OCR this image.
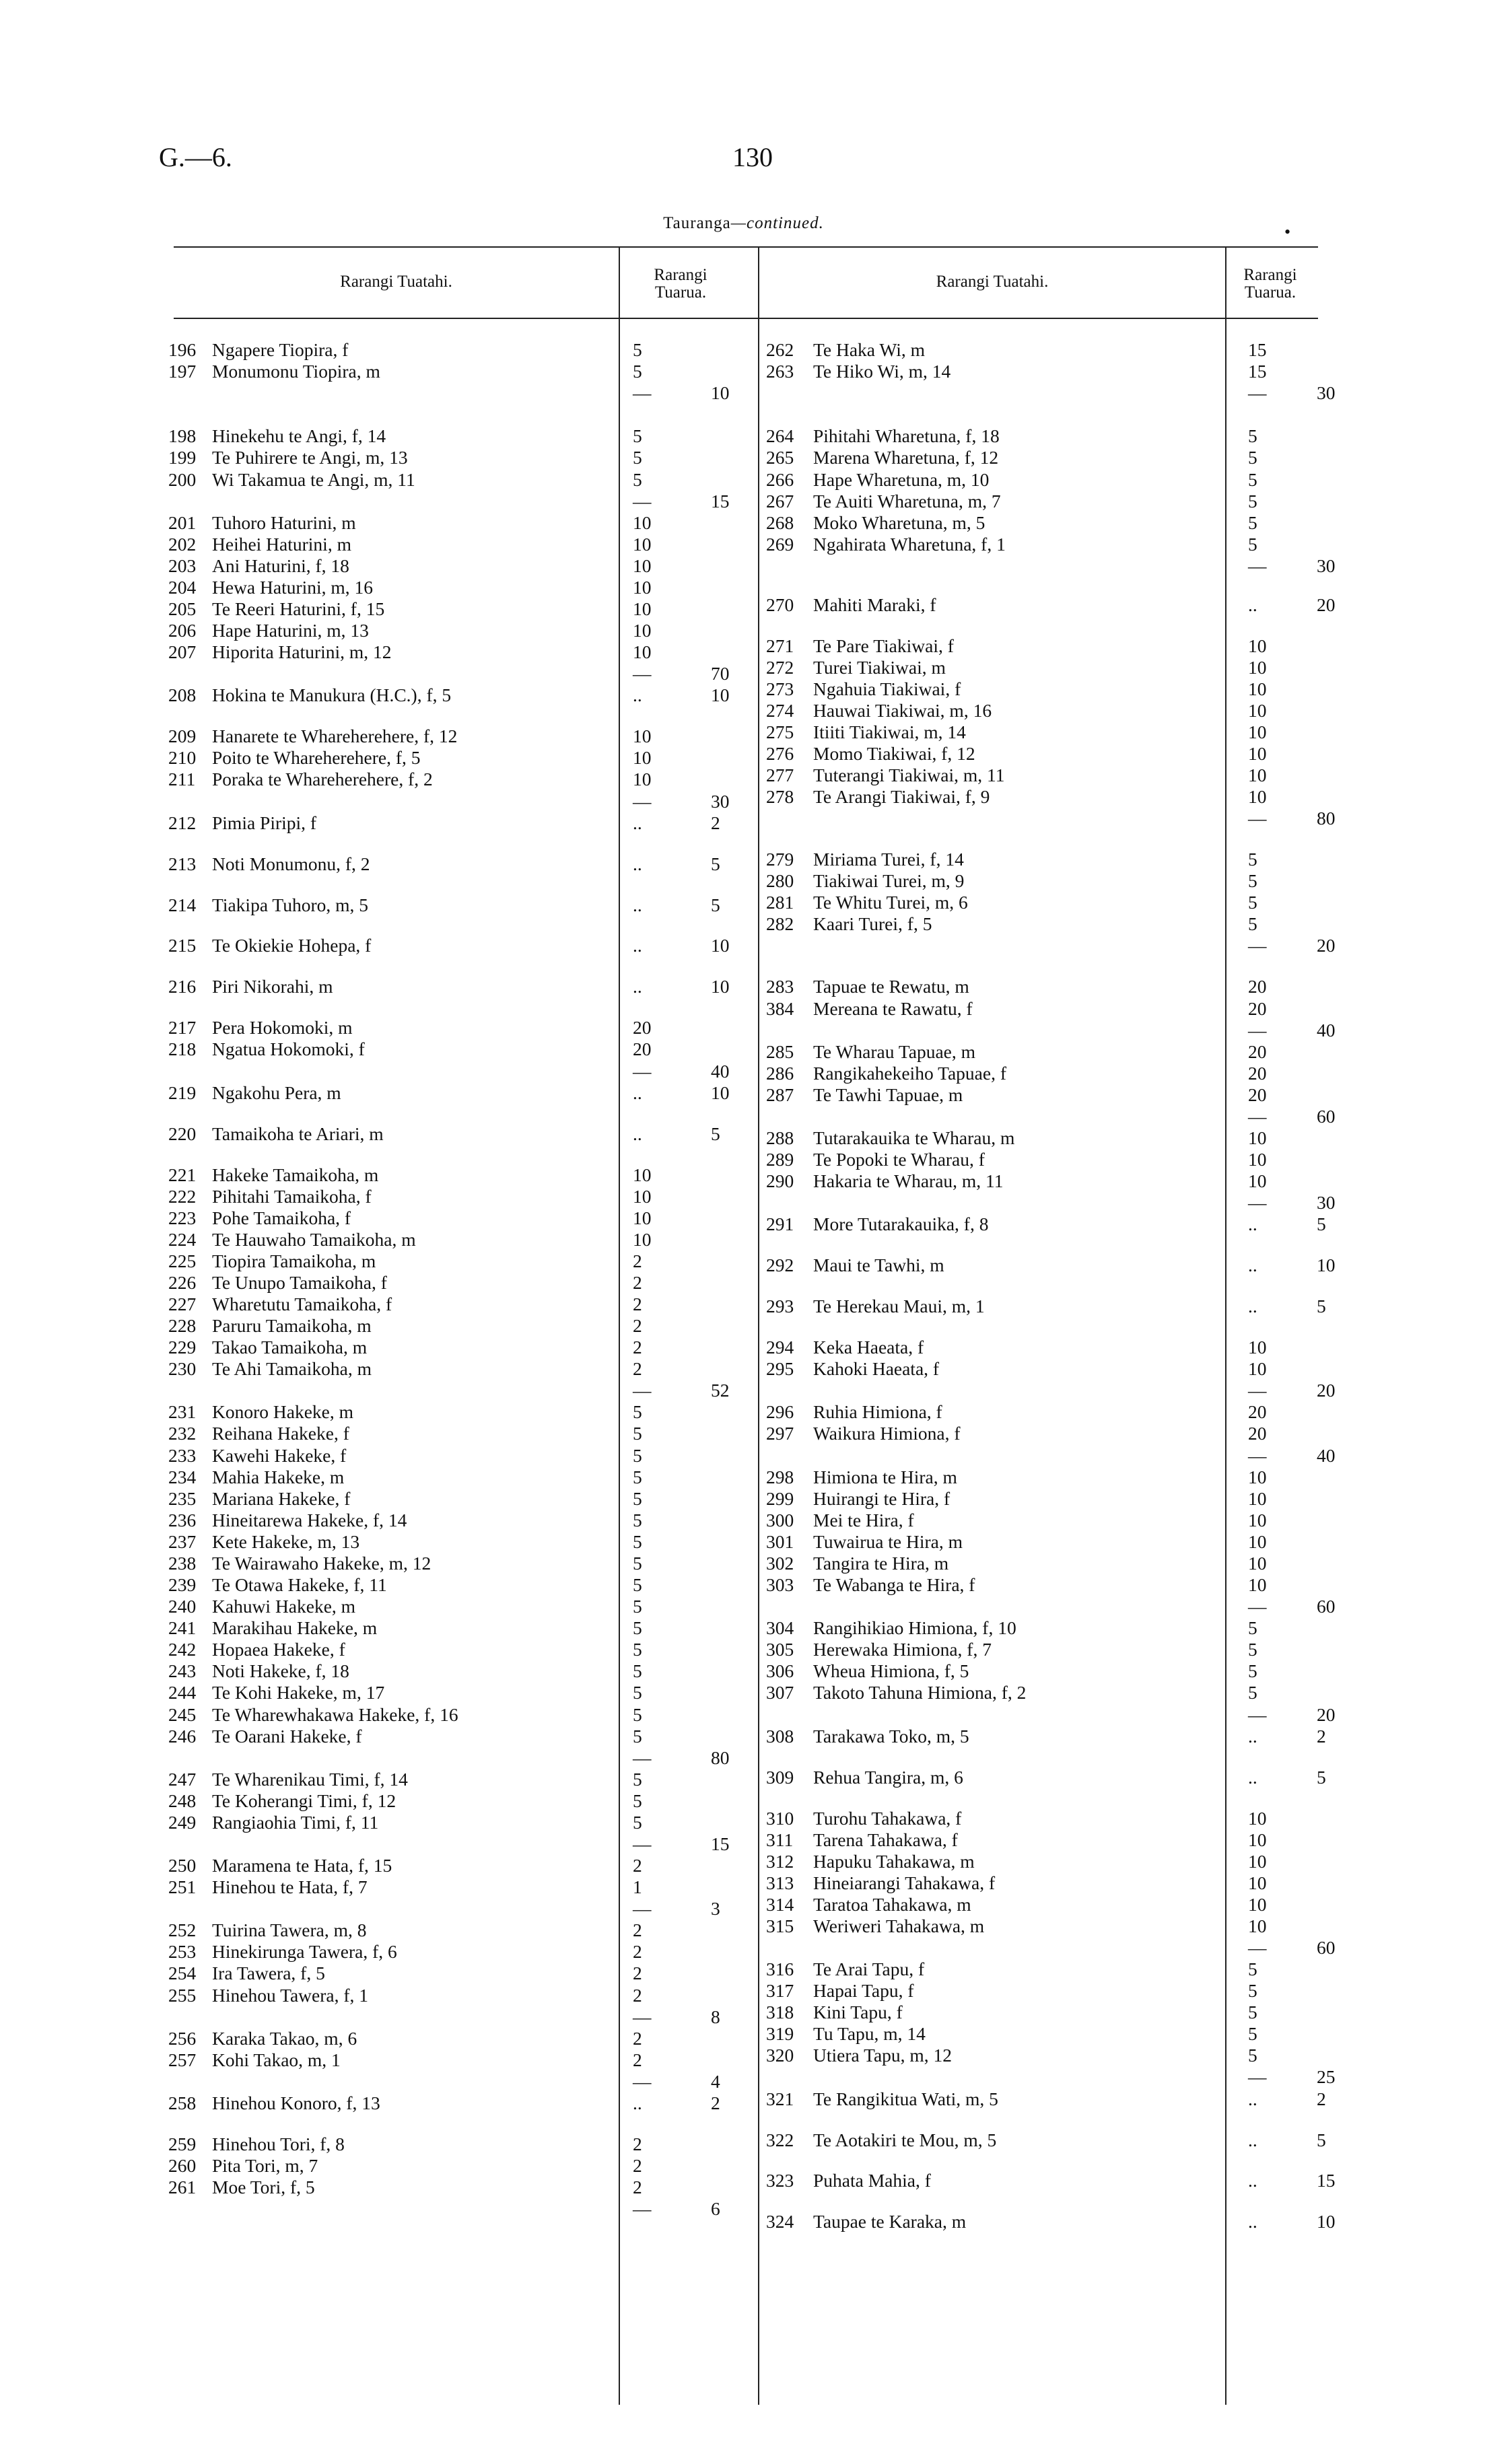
G.—6.	130
Tauranga—continued.	•
Rarangi Tuatahi.	Rarangi
Tuarua.
Rarangi Tuatahi.	Rarangi
Tuarua.
196 Ngapere Tiopira, f	5
197 Monumonu Tiopira, m	5
—	10
198 Hinekehu te Angi, f, 14	5
199 Te Puhirere te Angi, m, 13	5
200 Wi Takamua te Angi, m, 11	5
—	15
201 Tuhoro Haturini, m	10
202 Heihei Haturini, m	10
203 Ani Haturini, f, 18	10
204 Hewa Haturini, m, 16	10
205 Te Reeri Haturini, f, 15	10
206 Hape Haturini, m, 13	10
207 Hiporita Haturini, m, 12	10
—	70
208 Hokina te Manukura (H.C.), f, 5	..	10
209 Hanarete te Whareherehere, f, 12	10
210 Poito te Whareherehere, f, 5	10
211 Poraka te Whareherehere, f, 2	10
—	30
212 Pimia Piripi, f	..	2
213 Noti Monumonu, f, 2	..	5
214 Tiakipa Tuhoro, m, 5	..	5
215 Te Okiekie Hohepa, f	..	10
216 Piri Nikorahi, m	..	10
217 Pera Hokomoki, m	20
218 Ngatua Hokomoki, f	20
—	40
219 Ngakohu Pera, m	..	10
220 Tamaikoha te Ariari, m	..	5
221 Hakeke Tamaikoha, m	10
222 Pihitahi Tamaikoha, f	10
223 Pohe Tamaikoha, f	10
224 Te Hauwaho Tamaikoha, m	10
225 Tiopira Tamaikoha, m	2
226 Te Unupo Tamaikoha, f	2
227 Wharetutu Tamaikoha, f	2
228 Paruru Tamaikoha, m	2
229 Takao Tamaikoha, m	2
230 Te Ahi Tamaikoha, m	2
—	52
231 Konoro Hakeke, m	5
232 Reihana Hakeke, f	5
233 Kawehi Hakeke, f	5
234 Mahia Hakeke, m	5
235 Mariana Hakeke, f	5
236 Hineitarewa Hakeke, f, 14	5
237 Kete Hakeke, m, 13	5
238 Te Wairawaho Hakeke, m, 12	5
239 Te Otawa Hakeke, f, 11	5
240 Kahuwi Hakeke, m	5
241 Marakihau Hakeke, m	5
242 Hopaea Hakeke, f	5
243 Noti Hakeke, f, 18	5
244 Te Kohi Hakeke, m, 17	5
245 Te Wharewhakawa Hakeke, f, 16	5
246 Te Oarani Hakeke, f	5
—	80
247 Te Wharenikau Timi, f, 14	5
248 Te Koherangi Timi, f, 12	5
249 Rangiaohia Timi, f, 11	5
—	15
250 Maramena te Hata, f, 15	2
251 Hinehou te Hata, f, 7	1
—	3
252 Tuirina Tawera, m, 8	2
253 Hinekirunga Tawera, f, 6	2
254 Ira Tawera, f, 5	2
255 Hinehou Tawera, f, 1	2
—	8
256 Karaka Takao, m, 6	2
257 Kohi Takao, m, 1	2
—	4
258 Hinehou Konoro, f, 13	..	2
259 Hinehou Tori, f, 8	2
260 Pita Tori, m, 7	2
261 Moe Tori, f, 5	2
—	6
262 Te Haka Wi, m	15
263 Te Hiko Wi, m, 14	15
—	30
264 Pihitahi Wharetuna, f, 18	5
265 Marena Wharetuna, f, 12	5
266 Hape Wharetuna, m, 10	5
267 Te Auiti Wharetuna, m, 7	5
268 Moko Wharetuna, m, 5	5
269 Ngahirata Wharetuna, f, 1	5
—	30
270 Mahiti Maraki, f	..	20
271 Te Pare Tiakiwai, f	10
272 Turei Tiakiwai, m	10
273 Ngahuia Tiakiwai, f	10
274 Hauwai Tiakiwai, m, 16	10
275 Itiiti Tiakiwai, m, 14	10
276 Momo Tiakiwai, f, 12	10
277 Tuterangi Tiakiwai, m, 11	10
278 Te Arangi Tiakiwai, f, 9	10
—	80
279 Miriama Turei, f, 14	5
280 Tiakiwai Turei, m, 9	5
281 Te Whitu Turei, m, 6	5
282 Kaari Turei, f, 5	5
—	20
283 Tapuae te Rewatu, m	20
384 Mereana te Rawatu, f	20
—	40
285 Te Wharau Tapuae, m	20
286 Rangikahekeiho Tapuae, f	20
287 Te Tawhi Tapuae, m	20
—	60
288 Tutarakauika te Wharau, m	10
289 Te Popoki te Wharau, f	10
290 Hakaria te Wharau, m, 11	10
—	30
291 More Tutarakauika, f, 8	..	5
292 Maui te Tawhi, m	..	10
293 Te Herekau Maui, m, 1	..	5
294 Keka Haeata, f	10
295 Kahoki Haeata, f	10
—	20
296 Ruhia Himiona, f	20
297 Waikura Himiona, f	20
—	40
298 Himiona te Hira, m	10
299 Huirangi te Hira, f	10
300 Mei te Hira, f	10
301 Tuwairua te Hira, m	10
302 Tangira te Hira, m	10
303 Te Wabanga te Hira, f	10
—	60
304 Rangihikiao Himiona, f, 10	5
305 Herewaka Himiona, f, 7	5
306 Wheua Himiona, f, 5	5
307 Takoto Tahuna Himiona, f, 2	5
—	20
308 Tarakawa Toko, m, 5	..	2
309 Rehua Tangira, m, 6	..	5
310 Turohu Tahakawa, f	10
311 Tarena Tahakawa, f	10
312 Hapuku Tahakawa, m	10
313 Hineiarangi Tahakawa, f	10
314 Taratoa Tahakawa, m	10
315 Weriweri Tahakawa, m	10
—	60
316 Te Arai Tapu, f	5
317 Hapai Tapu, f	5
318 Kini Tapu, f	5
319 Tu Tapu, m, 14	5
320 Utiera Tapu, m, 12	5
—	25
321 Te Rangikitua Wati, m, 5	..	2
322 Te Aotakiri te Mou, m, 5	..	5
323 Puhata Mahia, f	..	15
324 Taupae te Karaka, m	..	10
